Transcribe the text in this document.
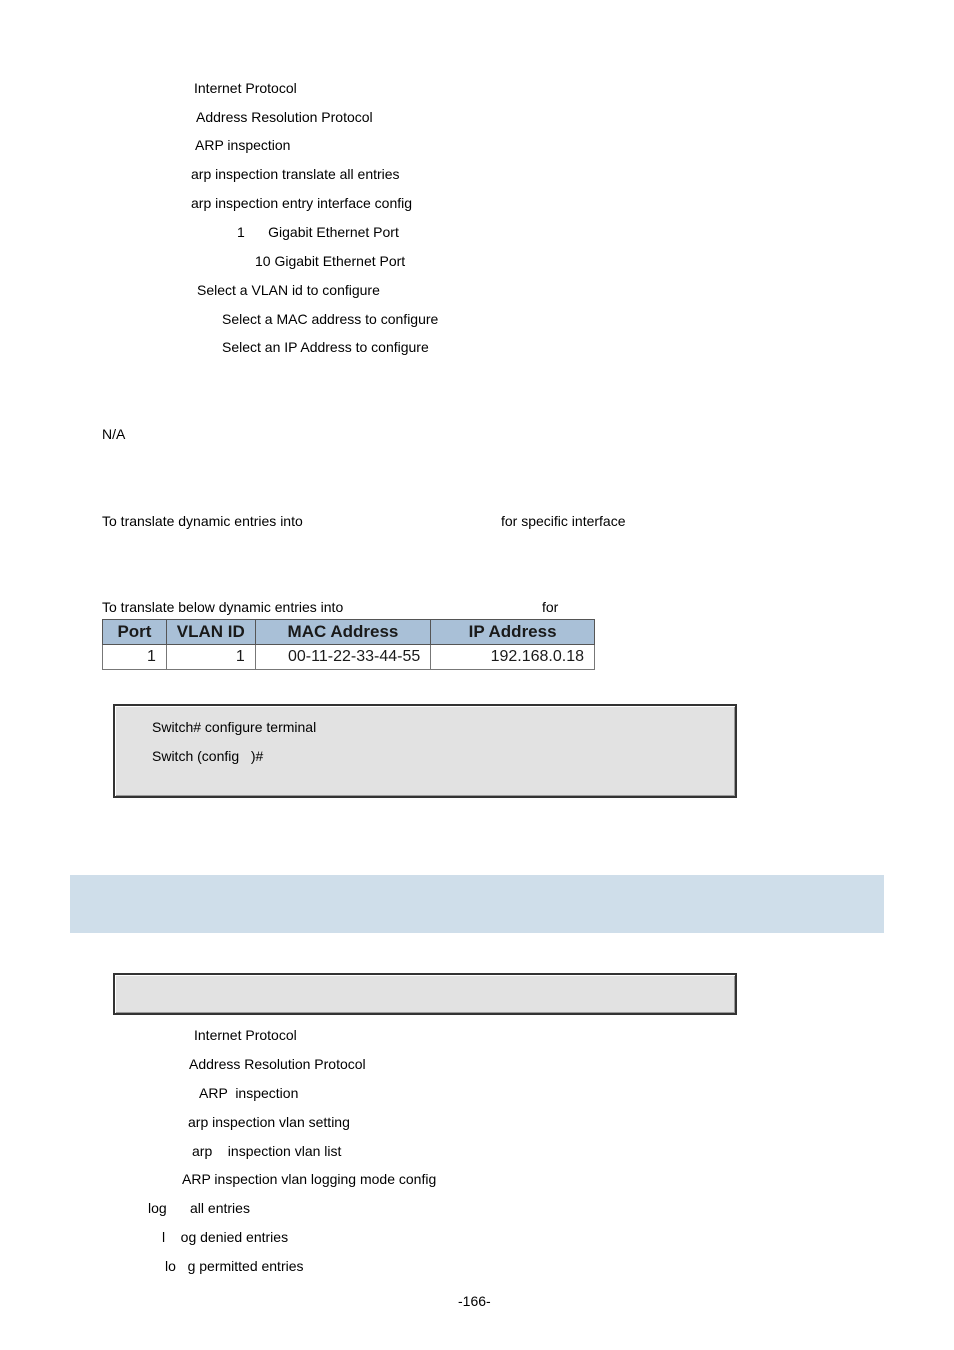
Internet Protocol
Address Resolution Protocol
ARP inspection
arp inspection translate all entries
arp inspection entry interface config
1      Gigabit Ethernet Port
10 Gigabit Ethernet Port
Select a VLAN id to configure
Select a MAC address to configure
Select an IP Address to configure
N/A
To translate dynamic entries into	for specific interface
To translate below dynamic entries into	for
Port	VLAN ID	MAC Address	IP Address
1	1	00-11-22-33-44-55	192.168.0.18
Switch# configure terminal
Switch (config   )#
Internet Protocol
Address Resolution Protocol
ARP  inspection
arp inspection vlan setting
arp    inspection vlan list
ARP inspection vlan logging mode config
log      all entries
l    og denied entries
lo   g permitted entries
-166-
